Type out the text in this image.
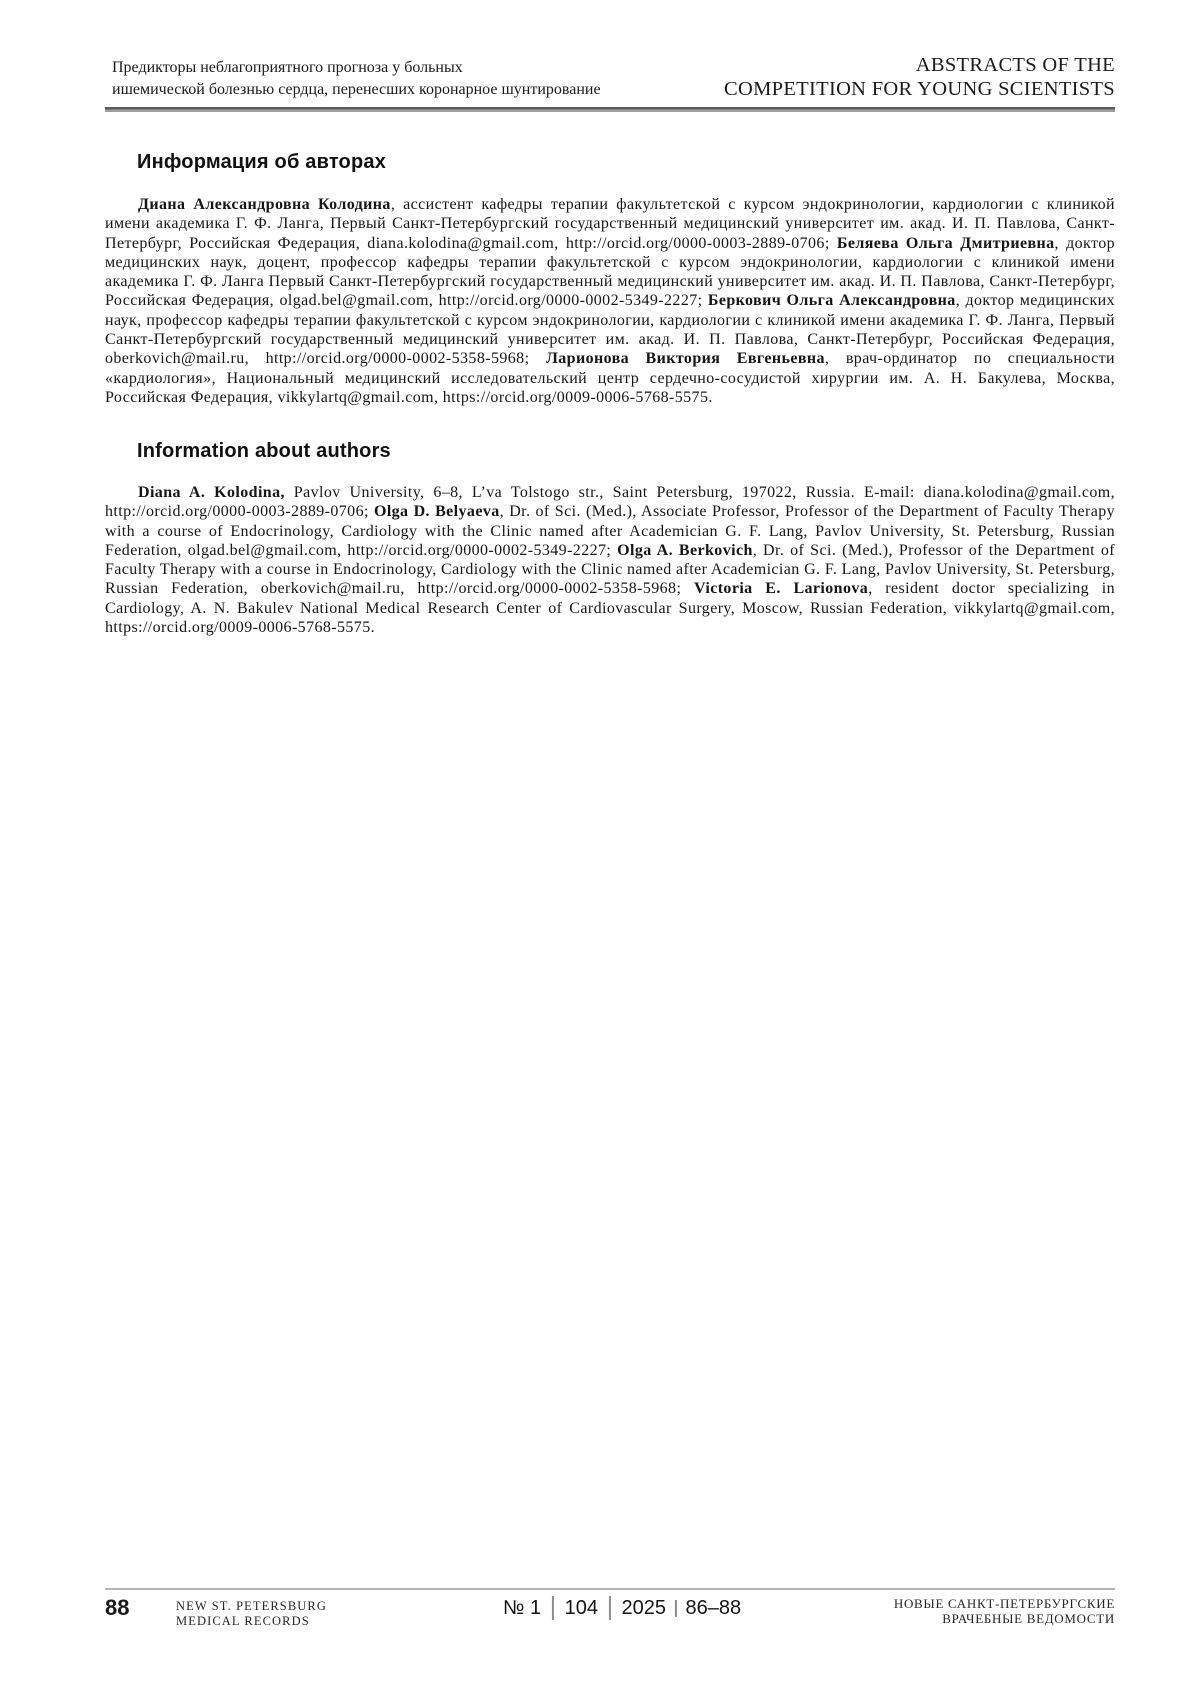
Предикторы неблагоприятного прогноза у больных
ишемической болезнью сердца, перенесших коронарное шунтирование
ABSTRACTS OF THE
COMPETITION FOR YOUNG SCIENTISTS
Информация об авторах

Диана Александровна Колодина, ассистент кафедры терапии факультетской с курсом эндокринологии, кардиологии с клиникой имени академика Г. Ф. Ланга, Первый Санкт-Петербургский государственный медицинский университет им. акад. И. П. Павлова, Санкт-Петербург, Российская Федерация, diana.kolodina@gmail.com, http://orcid.org/0000-0003-2889-0706; Беляева Ольга Дмитриевна, доктор медицинских наук, доцент, профессор кафедры терапии факультетской с курсом эндокринологии, кардиологии с клиникой имени академика Г. Ф. Ланга Первый Санкт-Петербургский государственный медицинский университет им. акад. И. П. Павлова, Санкт-Петербург, Российская Федерация, olgad.bel@gmail.com, http://orcid.org/0000-0002-5349-2227; Беркович Ольга Александровна, доктор медицинских наук, профессор кафедры терапии факультетской с курсом эндокринологии, кардиологии с клиникой имени академика Г. Ф. Ланга, Первый Санкт-Петербургский государственный медицинский университет им. акад. И. П. Павлова, Санкт-Петербург, Российская Федерация, oberkovich@mail.ru, http://orcid.org/0000-0002-5358-5968; Ларионова Виктория Евгеньевна, врач-ординатор по специальности «кардиология», Национальный медицинский исследовательский центр сердечно-сосудистой хирургии им. А. Н. Бакулева, Москва, Российская Федерация, vikkylartq@gmail.com, https://orcid.org/0009-0006-5768-5575.

Information about authors

Diana A. Kolodina, Pavlov University, 6–8, L’va Tolstogo str., Saint Petersburg, 197022, Russia. E-mail: diana.kolodina@gmail.com, http://orcid.org/0000-0003-2889-0706; Olga D. Belyaeva, Dr. of Sci. (Med.), Associate Professor, Professor of the Department of Faculty Therapy with a course of Endocrinology, Cardiology with the Clinic named after Academician G. F. Lang, Pavlov University, St. Petersburg, Russian Federation, olgad.bel@gmail.com, http://orcid.org/0000-0002-5349-2227; Olga A. Berkovich, Dr. of Sci. (Med.), Professor of the Department of Faculty Therapy with a course in Endocrinology, Cardiology with the Clinic named after Academician G. F. Lang, Pavlov University, St. Petersburg, Russian Federation, oberkovich@mail.ru, http://orcid.org/0000-0002-5358-5968; Victoria E. Larionova, resident doctor specializing in Cardiology, A. N. Bakulev National Medical Research Center of Cardiovascular Surgery, Moscow, Russian Federation, vikkylartq@gmail.com, https://orcid.org/0009-0006-5768-5575.

88	NEW ST. PETERSBURG
MEDICAL RECORDS
№ 1 104 2025 86–88	НОВЫЕ САНКТ-ПЕТЕРБУРГСКИЕ
ВРАЧЕБНЫЕ ВЕДОМОСТИ
